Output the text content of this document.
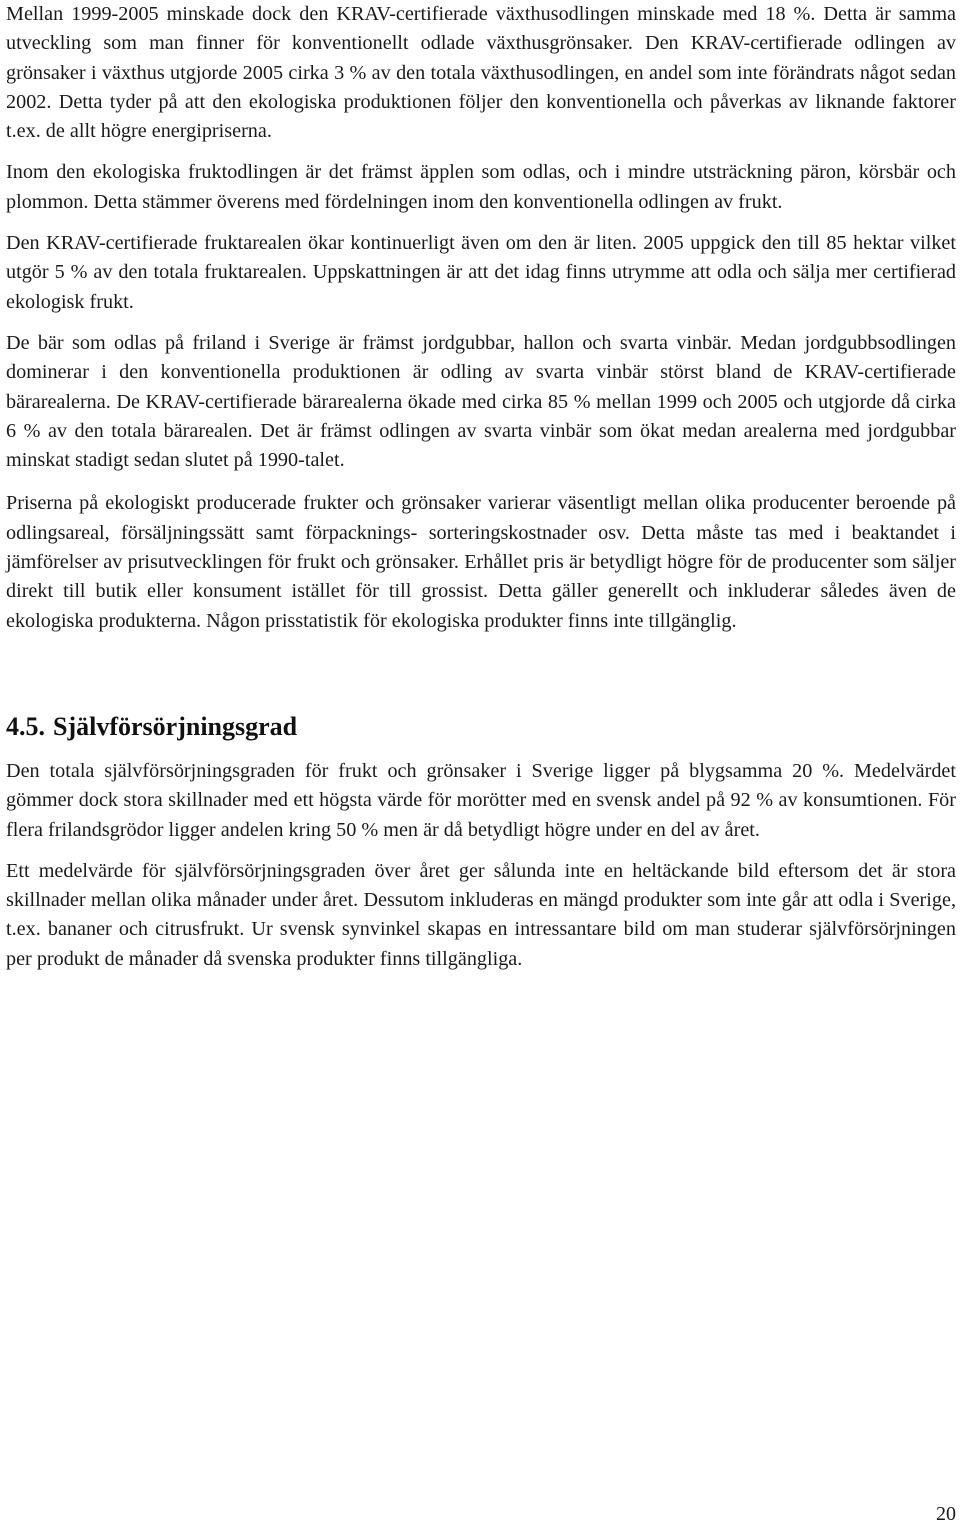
Mellan 1999-2005 minskade dock den KRAV-certifierade växthusodlingen minskade med 18 %. Detta är samma utveckling som man finner för konventionellt odlade växthusgrönsaker. Den KRAV-certifierade odlingen av grönsaker i växthus utgjorde 2005 cirka 3 % av den totala växthusodlingen, en andel som inte förändrats något sedan 2002. Detta tyder på att den ekologiska produktionen följer den konventionella och påverkas av liknande faktorer t.ex. de allt högre energipriserna.

Inom den ekologiska fruktodlingen är det främst äpplen som odlas, och i mindre utsträckning päron, körsbär och plommon. Detta stämmer överens med fördelningen inom den konventionella odlingen av frukt.

Den KRAV-certifierade fruktarealen ökar kontinuerligt även om den är liten. 2005 uppgick den till 85 hektar vilket utgör 5 % av den totala fruktarealen. Uppskattningen är att det idag finns utrymme att odla och sälja mer certifierad ekologisk frukt.

De bär som odlas på friland i Sverige är främst jordgubbar, hallon och svarta vinbär. Medan jordgubbsodlingen dominerar i den konventionella produktionen är odling av svarta vinbär störst bland de KRAV-certifierade bärarealerna. De KRAV-certifierade bärarealerna ökade med cirka 85 % mellan 1999 och 2005 och utgjorde då cirka 6 % av den totala bärarealen. Det är främst odlingen av svarta vinbär som ökat medan arealerna med jordgubbar minskat stadigt sedan slutet på 1990-talet.

Priserna på ekologiskt producerade frukter och grönsaker varierar väsentligt mellan olika producenter beroende på odlingsareal, försäljningssätt samt förpacknings- sorteringskostnader osv. Detta måste tas med i beaktandet i jämförelser av prisutvecklingen för frukt och grönsaker. Erhållet pris är betydligt högre för de producenter som säljer direkt till butik eller konsument istället för till grossist. Detta gäller generellt och inkluderar således även de ekologiska produkterna. Någon prisstatistik för ekologiska produkter finns inte tillgänglig.

4.5. Självförsörjningsgrad

Den totala självförsörjningsgraden för frukt och grönsaker i Sverige ligger på blygsamma 20 %. Medelvärdet gömmer dock stora skillnader med ett högsta värde för morötter med en svensk andel på 92 % av konsumtionen. För flera frilandsgrödor ligger andelen kring 50 % men är då betydligt högre under en del av året.

Ett medelvärde för självförsörjningsgraden över året ger sålunda inte en heltäckande bild eftersom det är stora skillnader mellan olika månader under året. Dessutom inkluderas en mängd produkter som inte går att odla i Sverige, t.ex. bananer och citrusfrukt. Ur svensk synvinkel skapas en intressantare bild om man studerar självförsörjningen per produkt de månader då svenska produkter finns tillgängliga.

20
